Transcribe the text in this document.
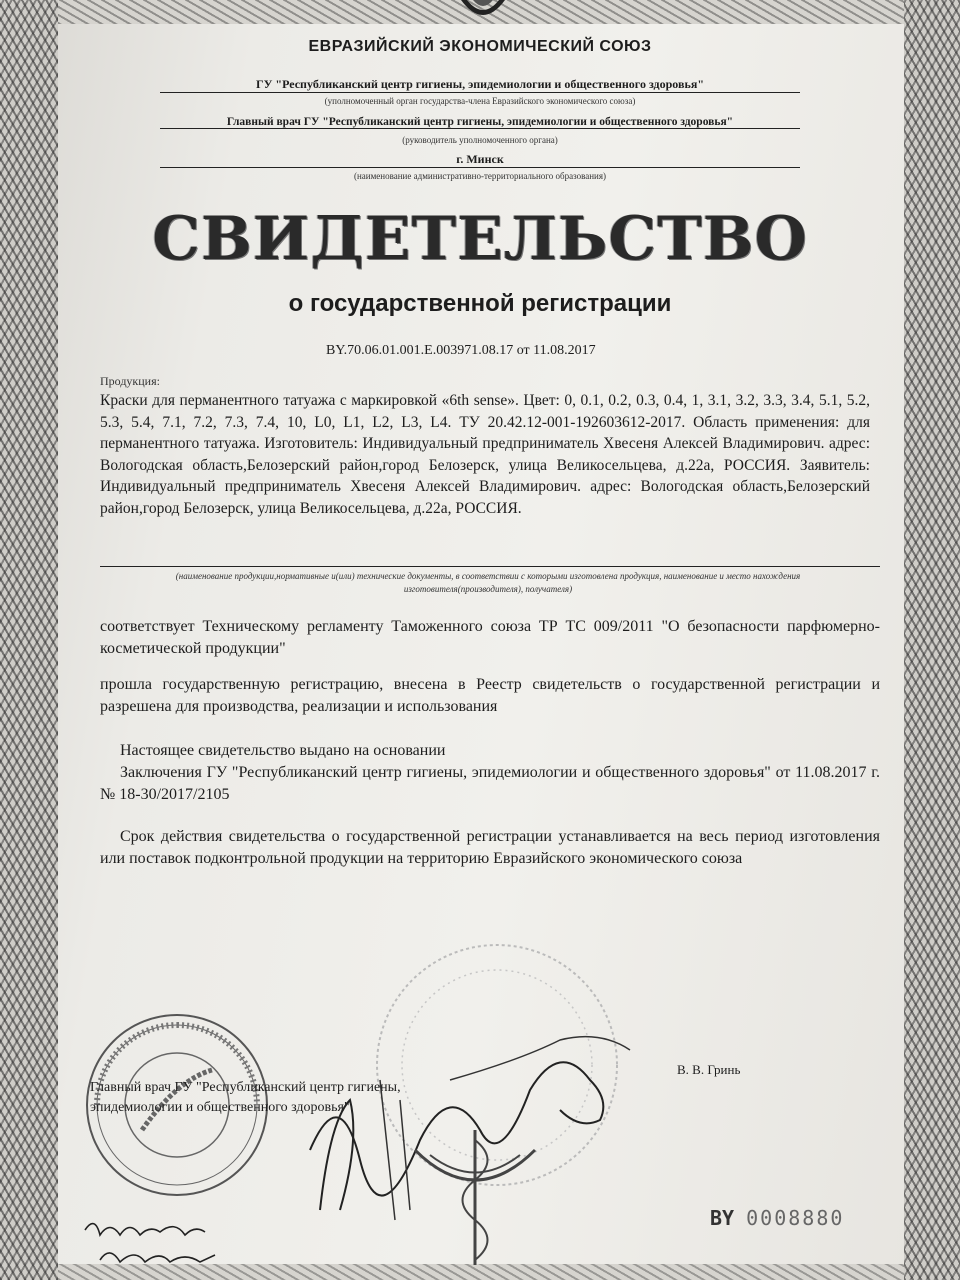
ЕВРАЗИЙСКИЙ ЭКОНОМИЧЕСКИЙ СОЮЗ
ГУ "Республиканский центр гигиены, эпидемиологии и общественного здоровья"
(уполномоченный орган государства-члена Евразийского экономического союза)
Главный врач ГУ "Республиканский центр гигиены, эпидемиологии и общественного здоровья"
(руководитель уполномоченного органа)
г. Минск
(наименование административно-территориального образования)
СВИДЕТЕЛЬСТВО
о государственной регистрации
BY.70.06.01.001.E.003971.08.17 от 11.08.2017
Продукция:
Краски для перманентного татуажа с маркировкой «6th sense». Цвет: 0, 0.1, 0.2, 0.3, 0.4, 1, 3.1, 3.2, 3.3, 3.4, 5.1, 5.2, 5.3, 5.4, 7.1, 7.2, 7.3, 7.4, 10, L0, L1, L2, L3, L4. ТУ 20.42.12-001-192603612-2017. Область применения: для перманентного татуажа. Изготовитель: Индивидуальный предприниматель Хвесеня Алексей Владимирович. адрес: Вологодская область,Белозерский район,город Белозерск, улица Великосельцева, д.22а, РОССИЯ. Заявитель: Индивидуальный предприниматель Хвесеня Алексей Владимирович. адрес: Вологодская область,Белозерский район,город Белозерск, улица Великосельцева, д.22а, РОССИЯ.
(наименование продукции,нормативные и(или) технические документы, в соответствии с которыми изготовлена продукция, наименование и место нахождения изготовителя(производителя), получателя)
соответствует Техническому регламенту Таможенного союза ТР ТС 009/2011 "О безопасности парфюмерно-косметической продукции"
прошла государственную регистрацию, внесена в Реестр свидетельств о государственной регистрации и разрешена для производства, реализации и использования
Настоящее свидетельство выдано на основании
Заключения ГУ "Республиканский центр гигиены, эпидемиологии и общественного здоровья" от 11.08.2017 г. № 18-30/2017/2105
Срок действия свидетельства о государственной регистрации устанавливается на весь период изготовления или поставок подконтрольной продукции на территорию Евразийского экономического союза
Главный врач ГУ "Республиканский центр гигиены, эпидемиологии и общественного здоровья"
В. В. Гринь
BY 0008880
